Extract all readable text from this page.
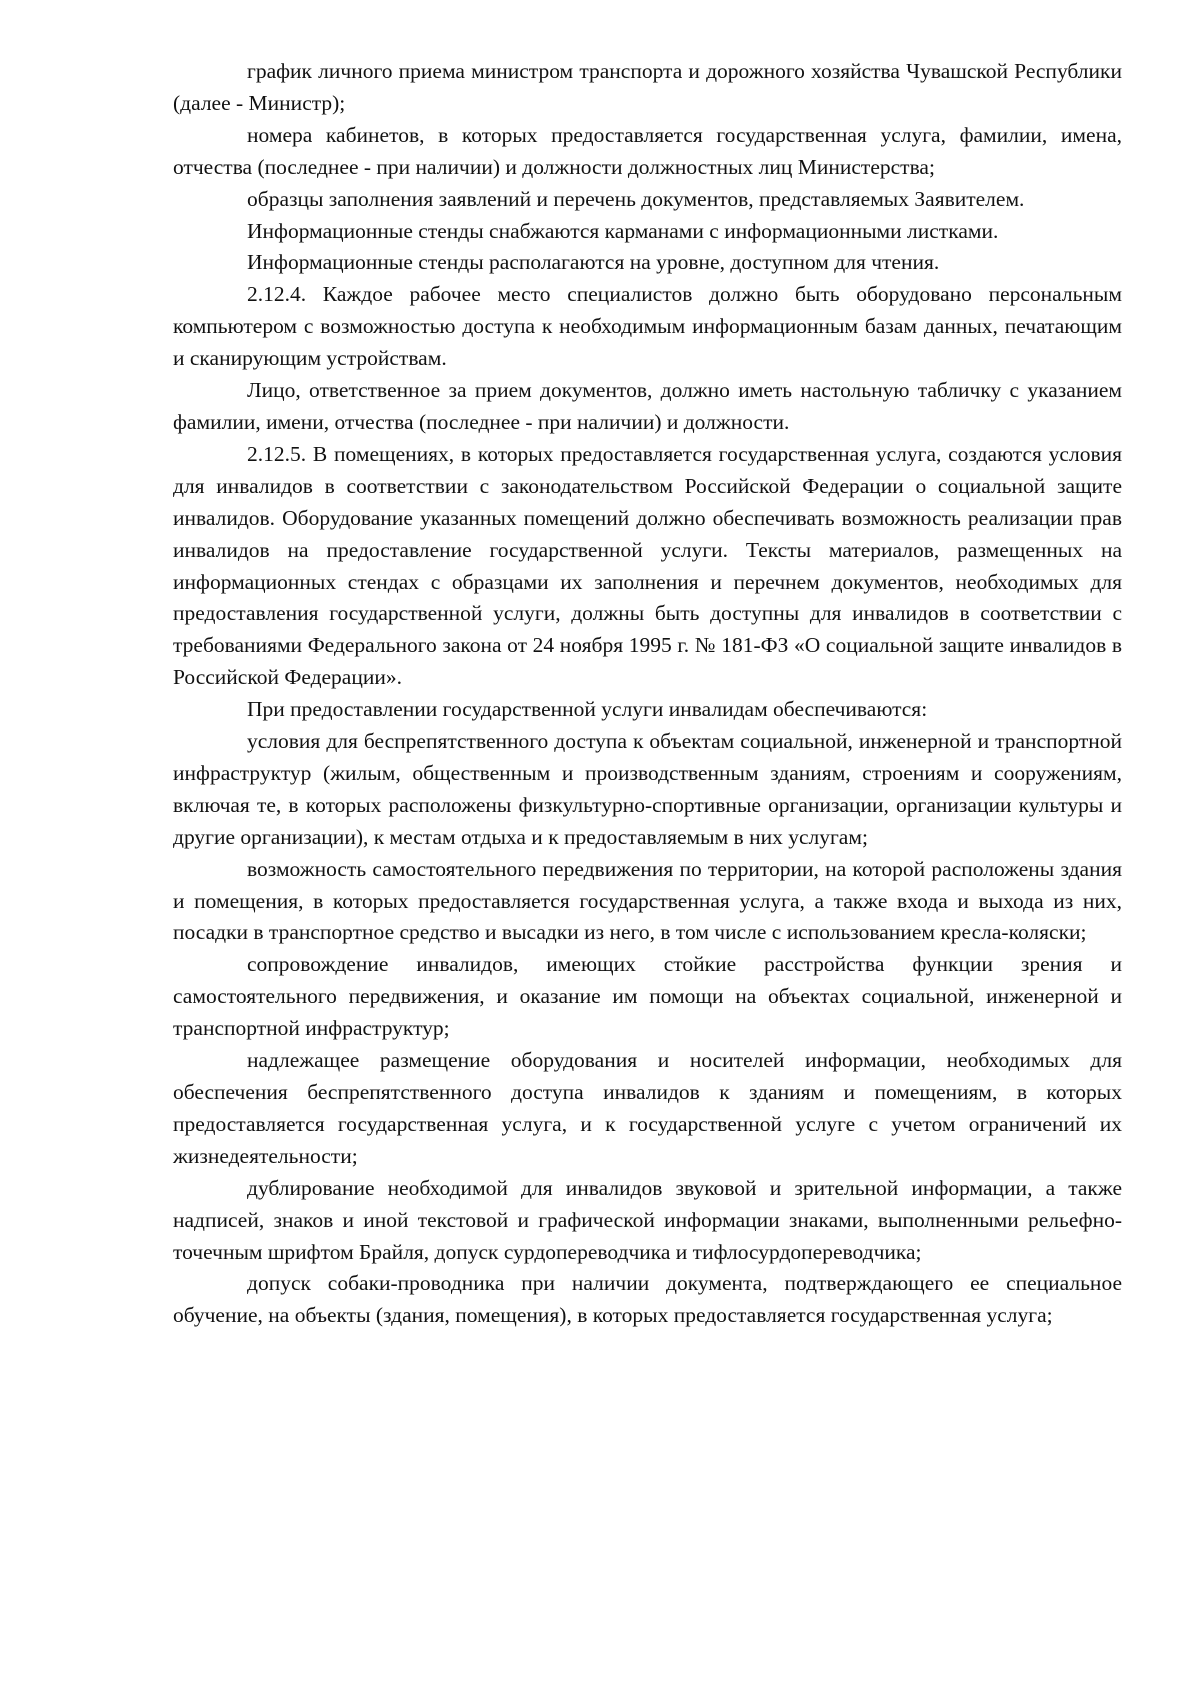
график личного приема министром транспорта и дорожного хозяйства Чувашской Республики (далее - Министр);

номера кабинетов, в которых предоставляется государственная услуга, фамилии, имена, отчества (последнее - при наличии) и должности должностных лиц Министерства;

образцы заполнения заявлений и перечень документов, представляемых Заявителем.

Информационные стенды снабжаются карманами с информационными листками.

Информационные стенды располагаются на уровне, доступном для чтения.

2.12.4. Каждое рабочее место специалистов должно быть оборудовано персональным компьютером с возможностью доступа к необходимым информационным базам данных, печатающим и сканирующим устройствам.

Лицо, ответственное за прием документов, должно иметь настольную табличку с указанием фамилии, имени, отчества (последнее - при наличии) и должности.

2.12.5. В помещениях, в которых предоставляется государственная услуга, создаются условия для инвалидов в соответствии с законодательством Российской Федерации о социальной защите инвалидов. Оборудование указанных помещений должно обеспечивать возможность реализации прав инвалидов на предоставление государственной услуги. Тексты материалов, размещенных на информационных стендах с образцами их заполнения и перечнем документов, необходимых для предоставления государственной услуги, должны быть доступны для инвалидов в соответствии с требованиями Федерального закона от 24 ноября 1995 г. № 181-ФЗ «О социальной защите инвалидов в Российской Федерации».

При предоставлении государственной услуги инвалидам обеспечиваются:

условия для беспрепятственного доступа к объектам социальной, инженерной и транспортной инфраструктур (жилым, общественным и производственным зданиям, строениям и сооружениям, включая те, в которых расположены физкультурно-спортивные организации, организации культуры и другие организации), к местам отдыха и к предоставляемым в них услугам;

возможность самостоятельного передвижения по территории, на которой расположены здания и помещения, в которых предоставляется государственная услуга, а также входа и выхода из них, посадки в транспортное средство и высадки из него, в том числе с использованием кресла-коляски;

сопровождение инвалидов, имеющих стойкие расстройства функции зрения и самостоятельного передвижения, и оказание им помощи на объектах социальной, инженерной и транспортной инфраструктур;

надлежащее размещение оборудования и носителей информации, необходимых для обеспечения беспрепятственного доступа инвалидов к зданиям и помещениям, в которых предоставляется государственная услуга, и к государственной услуге с учетом ограничений их жизнедеятельности;

дублирование необходимой для инвалидов звуковой и зрительной информации, а также надписей, знаков и иной текстовой и графической информации знаками, выполненными рельефно-точечным шрифтом Брайля, допуск сурдопереводчика и тифлосурдопереводчика;

допуск собаки-проводника при наличии документа, подтверждающего ее специальное обучение, на объекты (здания, помещения), в которых предоставляется государственная услуга;
